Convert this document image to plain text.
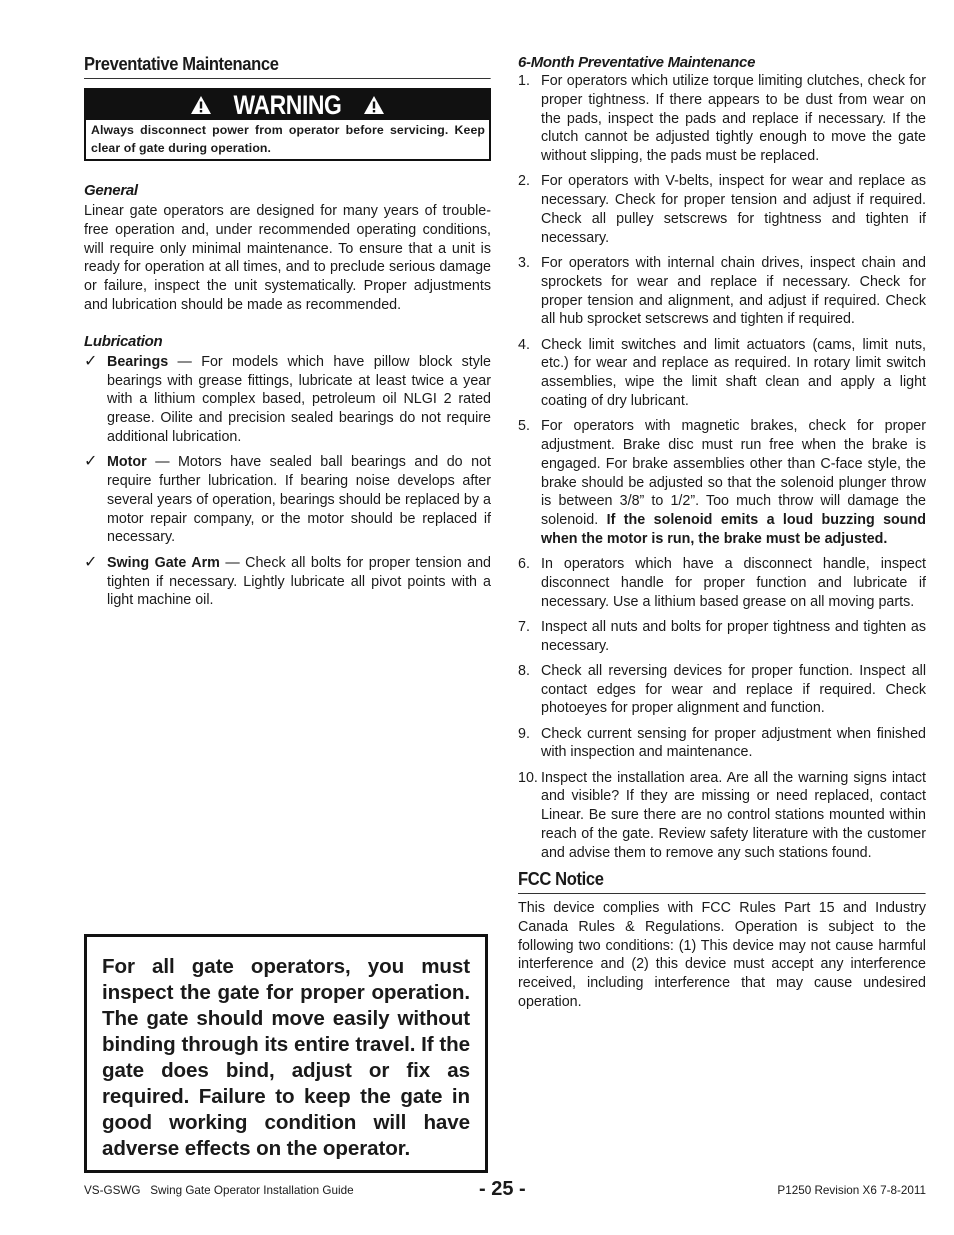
Preventative Maintenance
WARNING
Always disconnect power from operator before servicing. Keep clear of gate during operation.
General

Linear gate operators are designed for many years of trouble-free operation and, under recommended operating conditions, will require only minimal maintenance. To ensure that a unit is ready for operation at all times, and to preclude serious damage or failure, inspect the unit systematically. Proper adjustments and lubrication should be made as recommended.

Lubrication
✓ Bearings — For models which have pillow block style bearings with grease fittings, lubricate at least twice a year with a lithium complex based, petroleum oil NLGI 2 rated grease. Oilite and precision sealed bearings do not require additional lubrication.
✓ Motor — Motors have sealed ball bearings and do not require further lubrication. If bearing noise develops after several years of operation, bearings should be replaced by a motor repair company, or the motor should be replaced if necessary.
✓ Swing Gate Arm — Check all bolts for proper tension and tighten if necessary. Lightly lubricate all pivot points with a light machine oil.

For all gate operators, you must inspect the gate for proper operation. The gate should move easily without binding through its entire travel. If the gate does bind, adjust or fix as required. Failure to keep the gate in good working condition will have adverse effects on the operator.

6-Month Preventative Maintenance
1. For operators which utilize torque limiting clutches, check for proper tightness. If there appears to be dust from wear on the pads, inspect the pads and replace if necessary. If the clutch cannot be adjusted tightly enough to move the gate without slipping, the pads must be replaced.
2. For operators with V-belts, inspect for wear and replace as necessary. Check for proper tension and adjust if required. Check all pulley setscrews for tightness and tighten if necessary.
3. For operators with internal chain drives, inspect chain and sprockets for wear and replace if necessary. Check for proper tension and alignment, and adjust if required. Check all hub sprocket setscrews and tighten if required.
4. Check limit switches and limit actuators (cams, limit nuts, etc.) for wear and replace as required. In rotary limit switch assemblies, wipe the limit shaft clean and apply a light coating of dry lubricant.
5. For operators with magnetic brakes, check for proper adjustment. Brake disc must run free when the brake is engaged. For brake assemblies other than C-face style, the brake should be adjusted so that the solenoid plunger throw is between 3/8” to 1/2”. Too much throw will damage the solenoid. If the solenoid emits a loud buzzing sound when the motor is run, the brake must be adjusted.
6. In operators which have a disconnect handle, inspect disconnect handle for proper function and lubricate if necessary. Use a lithium based grease on all moving parts.
7. Inspect all nuts and bolts for proper tightness and tighten as necessary.
8. Check all reversing devices for proper function. Inspect all contact edges for wear and replace if required. Check photoeyes for proper alignment and function.
9. Check current sensing for proper adjustment when finished with inspection and maintenance.
10. Inspect the installation area. Are all the warning signs intact and visible? If they are missing or need replaced, contact Linear. Be sure there are no control stations mounted within reach of the gate. Review safety literature with the customer and advise them to remove any such stations found.
FCC Notice

This device complies with FCC Rules Part 15 and Industry Canada Rules & Regulations. Operation is subject to the following two conditions: (1) This device may not cause harmful interference and (2) this device must accept any interference received, including interference that may cause undesired operation.

VS-GSWG Swing Gate Operator Installation Guide	- 25 -	P1250 Revision X6 7-8-2011
